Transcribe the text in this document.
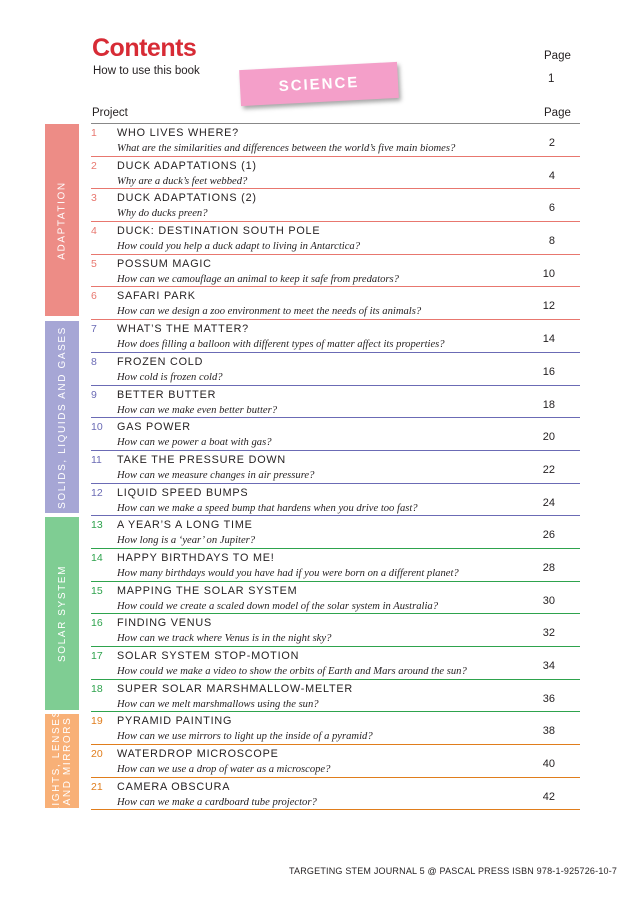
Contents
How to use this book
Page
1
SCIENCE
Project	Page
ADAPTATION
SOLIDS, LIQUIDS AND GASES
SOLAR SYSTEM
LIGHTS, LENSES
AND MIRRORS
1 WHO LIVES WHERE?
What are the similarities and differences between the world’s five main biomes?	2
2 DUCK ADAPTATIONS (1)
Why are a duck’s feet webbed?	4
3 DUCK ADAPTATIONS (2)
Why do ducks preen?	6
4 DUCK: DESTINATION SOUTH POLE
How could you help a duck adapt to living in Antarctica?	8
5 POSSUM MAGIC
How can we camouflage an animal to keep it safe from predators?	10
6 SAFARI PARK
How can we design a zoo environment to meet the needs of its animals?	12
7 WHAT’S THE MATTER?
How does filling a balloon with different types of matter affect its properties?	14
8 FROZEN COLD
How cold is frozen cold?	16
9 BETTER BUTTER
How can we make even better butter?	18
10 GAS POWER
How can we power a boat with gas?	20
11 TAKE THE PRESSURE DOWN
How can we measure changes in air pressure?	22
12 LIQUID SPEED BUMPS
How can we make a speed bump that hardens when you drive too fast?	24
13 A YEAR’S A LONG TIME
How long is a ‘year’ on Jupiter?	26
14 HAPPY BIRTHDAYS TO ME!
How many birthdays would you have had if you were born on a different planet?	28
15 MAPPING THE SOLAR SYSTEM
How could we create a scaled down model of the solar system in Australia?	30
16 FINDING VENUS
How can we track where Venus is in the night sky?	32
17 SOLAR SYSTEM STOP-MOTION
How could we make a video to show the orbits of Earth and Mars around the sun?	34
18 SUPER SOLAR MARSHMALLOW-MELTER
How can we melt marshmallows using the sun?	36
19 PYRAMID PAINTING
How can we use mirrors to light up the inside of a pyramid?	38
20 WATERDROP MICROSCOPE
How can we use a drop of water as a microscope?	40
21 CAMERA OBSCURA
How can we make a cardboard tube projector?	42
TARGETING STEM JOURNAL 5 @ PASCAL PRESS ISBN 978-1-925726-10-7
